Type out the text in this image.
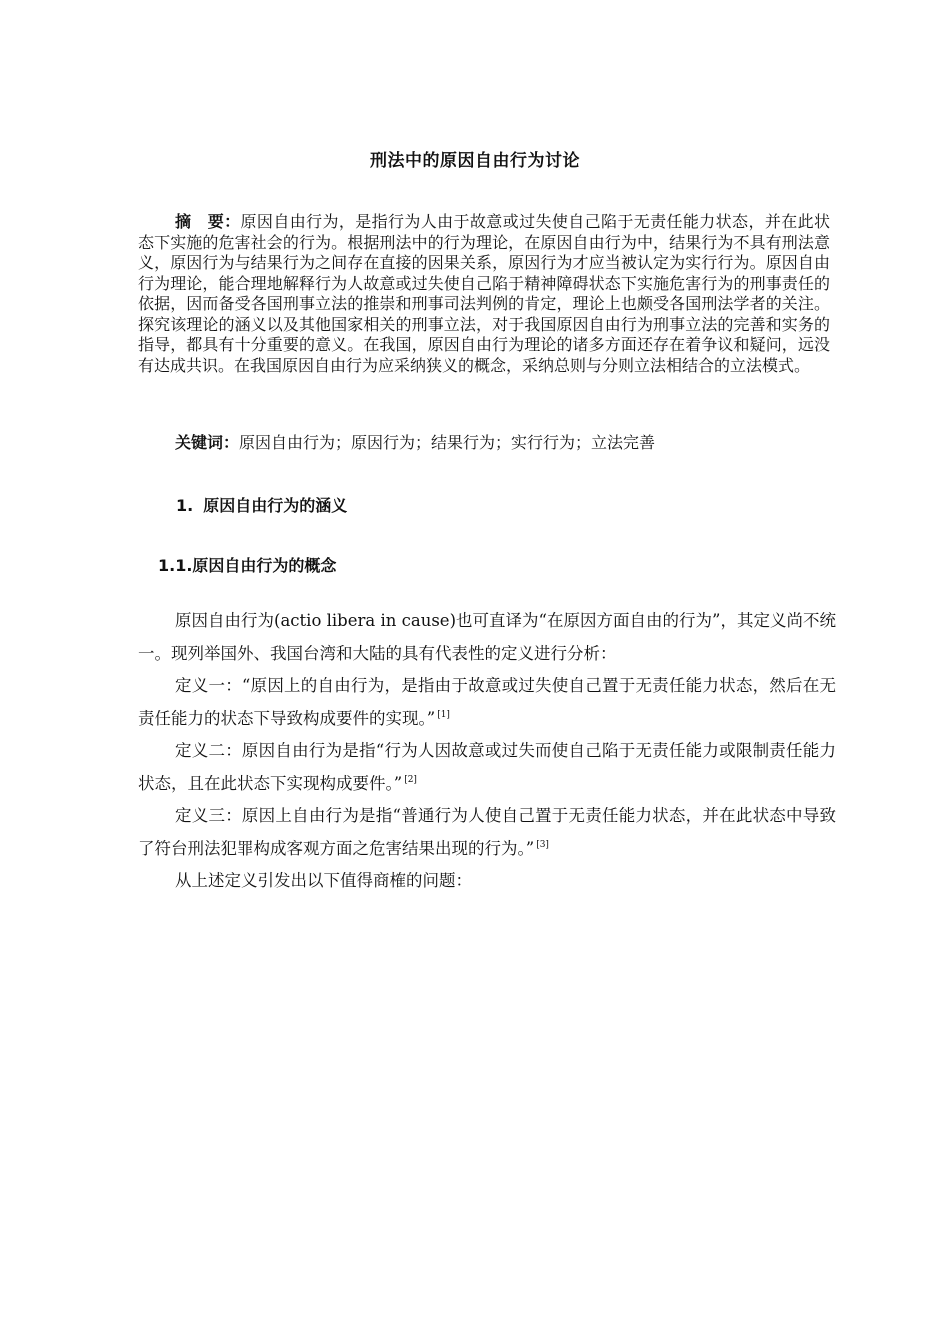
刑法中的原因自由行为讨论

摘　要：原因自由行为，是指行为人由于故意或过失使自己陷于无责任能力状态，并在此状态下实施的危害社会的行为。根据刑法中的行为理论，在原因自由行为中，结果行为不具有刑法意义，原因行为与结果行为之间存在直接的因果关系，原因行为才应当被认定为实行行为。原因自由行为理论，能合理地解释行为人故意或过失使自己陷于精神障碍状态下实施危害行为的刑事责任的依据，因而备受各国刑事立法的推崇和刑事司法判例的肯定，理论上也颇受各国刑法学者的关注。探究该理论的涵义以及其他国家相关的刑事立法，对于我国原因自由行为刑事立法的完善和实务的指导，都具有十分重要的意义。在我国，原因自由行为理论的诸多方面还存在着争议和疑问，远没有达成共识。在我国原因自由行为应采纳狭义的概念，采纳总则与分则立法相结合的立法模式。

关键词：原因自由行为；原因行为；结果行为；实行行为；立法完善

1. 原因自由行为的涵义
1.1.原因自由行为的概念

原因自由行为(actio libera in cause)也可直译为“在原因方面自由的行为”，其定义尚不统一。现列举国外、我国台湾和大陆的具有代表性的定义进行分析：

定义一：“原因上的自由行为，是指由于故意或过失使自己置于无责任能力状态，然后在无责任能力的状态下导致构成要件的实现。” [1]

定义二：原因自由行为是指“行为人因故意或过失而使自己陷于无责任能力或限制责任能力状态，且在此状态下实现构成要件。” [2]

定义三：原因上自由行为是指“普通行为人使自己置于无责任能力状态，并在此状态中导致了符台刑法犯罪构成客观方面之危害结果出现的行为。” [3]

从上述定义引发出以下值得商榷的问题：
